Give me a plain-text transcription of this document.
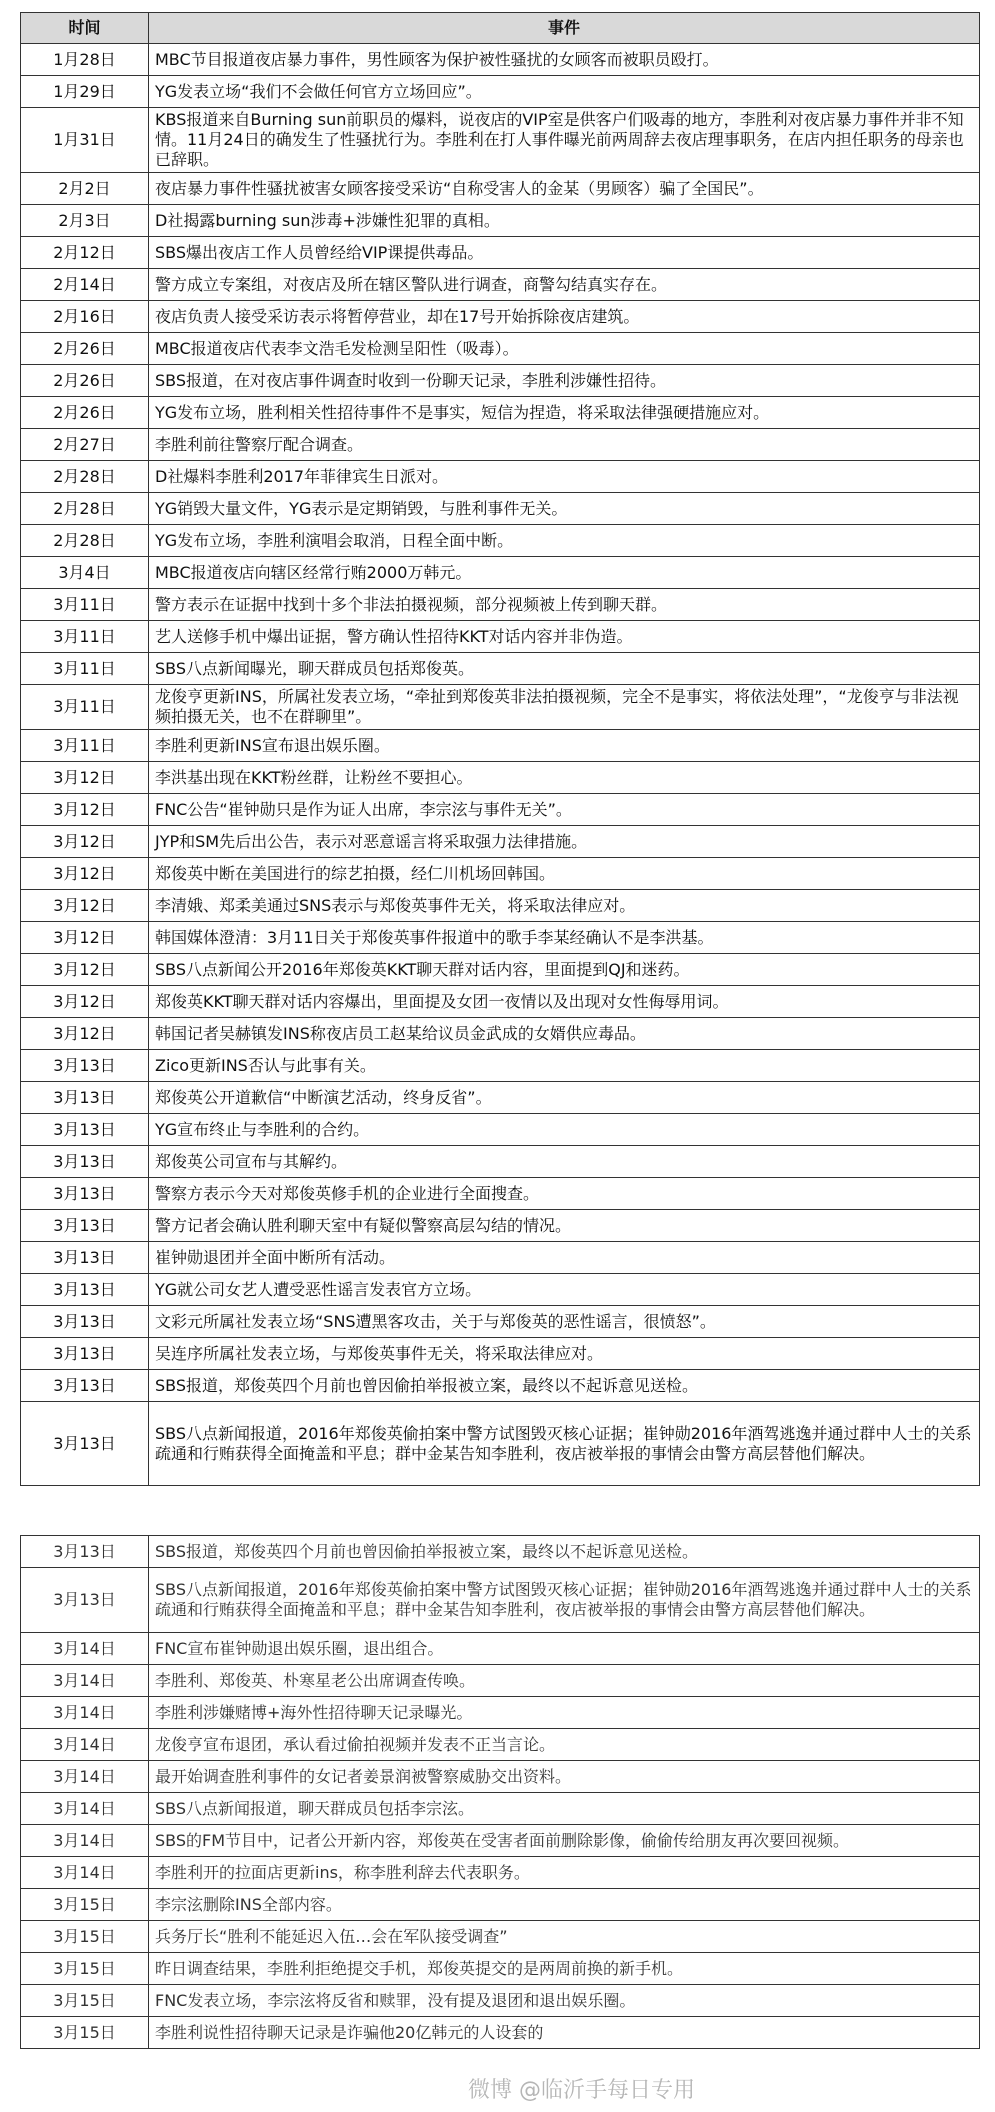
时间	事件
1月28日	MBC节目报道夜店暴力事件，男性顾客为保护被性骚扰的女顾客而被职员殴打。
1月29日	YG发表立场“我们不会做任何官方立场回应”。
1月31日	KBS报道来自Burning sun前职员的爆料，说夜店的VIP室是供客户们吸毒的地方，李胜利对夜店暴力事件并非不知情。11月24日的确发生了性骚扰行为。李胜利在打人事件曝光前两周辞去夜店理事职务，在店内担任职务的母亲也已辞职。
2月2日	夜店暴力事件性骚扰被害女顾客接受采访“自称受害人的金某（男顾客）骗了全国民”。
2月3日	D社揭露burning sun涉毒+涉嫌性犯罪的真相。
2月12日	SBS爆出夜店工作人员曾经给VIP课提供毒品。
2月14日	警方成立专案组，对夜店及所在辖区警队进行调查，商警勾结真实存在。
2月16日	夜店负责人接受采访表示将暂停营业，却在17号开始拆除夜店建筑。
2月26日	MBC报道夜店代表李文浩毛发检测呈阳性（吸毒）。
2月26日	SBS报道，在对夜店事件调查时收到一份聊天记录，李胜利涉嫌性招待。
2月26日	YG发布立场，胜利相关性招待事件不是事实，短信为捏造，将采取法律强硬措施应对。
2月27日	李胜利前往警察厅配合调查。
2月28日	D社爆料李胜利2017年菲律宾生日派对。
2月28日	YG销毁大量文件，YG表示是定期销毁，与胜利事件无关。
2月28日	YG发布立场，李胜利演唱会取消，日程全面中断。
3月4日	MBC报道夜店向辖区经常行贿2000万韩元。
3月11日	警方表示在证据中找到十多个非法拍摄视频，部分视频被上传到聊天群。
3月11日	艺人送修手机中爆出证据，警方确认性招待KKT对话内容并非伪造。
3月11日	SBS八点新闻曝光，聊天群成员包括郑俊英。
3月11日	龙俊亨更新INS，所属社发表立场，“牵扯到郑俊英非法拍摄视频，完全不是事实，将依法处理”，“龙俊亨与非法视频拍摄无关，也不在群聊里”。
3月11日	李胜利更新INS宣布退出娱乐圈。
3月12日	李洪基出现在KKT粉丝群，让粉丝不要担心。
3月12日	FNC公告“崔钟勋只是作为证人出席，李宗泫与事件无关”。
3月12日	JYP和SM先后出公告，表示对恶意谣言将采取强力法律措施。
3月12日	郑俊英中断在美国进行的综艺拍摄，经仁川机场回韩国。
3月12日	李清娥、郑柔美通过SNS表示与郑俊英事件无关，将采取法律应对。
3月12日	韩国媒体澄清：3月11日关于郑俊英事件报道中的歌手李某经确认不是李洪基。
3月12日	SBS八点新闻公开2016年郑俊英KKT聊天群对话内容，里面提到QJ和迷药。
3月12日	郑俊英KKT聊天群对话内容爆出，里面提及女团一夜情以及出现对女性侮辱用词。
3月12日	韩国记者吴赫镇发INS称夜店员工赵某给议员金武成的女婿供应毒品。
3月13日	Zico更新INS否认与此事有关。
3月13日	郑俊英公开道歉信“中断演艺活动，终身反省”。
3月13日	YG宣布终止与李胜利的合约。
3月13日	郑俊英公司宣布与其解约。
3月13日	警察方表示今天对郑俊英修手机的企业进行全面搜查。
3月13日	警方记者会确认胜利聊天室中有疑似警察高层勾结的情况。
3月13日	崔钟勋退团并全面中断所有活动。
3月13日	YG就公司女艺人遭受恶性谣言发表官方立场。
3月13日	文彩元所属社发表立场“SNS遭黑客攻击，关于与郑俊英的恶性谣言，很愤怒”。
3月13日	吴连序所属社发表立场，与郑俊英事件无关，将采取法律应对。
3月13日	SBS报道，郑俊英四个月前也曾因偷拍举报被立案，最终以不起诉意见送检。
3月13日	SBS八点新闻报道，2016年郑俊英偷拍案中警方试图毁灭核心证据；崔钟勋2016年酒驾逃逸并通过群中人士的关系疏通和行贿获得全面掩盖和平息；群中金某告知李胜利，夜店被举报的事情会由警方高层替他们解决。
3月13日	SBS报道，郑俊英四个月前也曾因偷拍举报被立案，最终以不起诉意见送检。
3月13日	SBS八点新闻报道，2016年郑俊英偷拍案中警方试图毁灭核心证据；崔钟勋2016年酒驾逃逸并通过群中人士的关系疏通和行贿获得全面掩盖和平息；群中金某告知李胜利，夜店被举报的事情会由警方高层替他们解决。
3月14日	FNC宣布崔钟勋退出娱乐圈，退出组合。
3月14日	李胜利、郑俊英、朴寒星老公出席调查传唤。
3月14日	李胜利涉嫌赌博+海外性招待聊天记录曝光。
3月14日	龙俊亨宣布退团，承认看过偷拍视频并发表不正当言论。
3月14日	最开始调查胜利事件的女记者姜景润被警察威胁交出资料。
3月14日	SBS八点新闻报道，聊天群成员包括李宗泫。
3月14日	SBS的FM节目中，记者公开新内容，郑俊英在受害者面前删除影像，偷偷传给朋友再次要回视频。
3月14日	李胜利开的拉面店更新ins，称李胜利辞去代表职务。
3月15日	李宗泫删除INS全部内容。
3月15日	兵务厅长“胜利不能延迟入伍…会在军队接受调查”
3月15日	昨日调查结果，李胜利拒绝提交手机，郑俊英提交的是两周前换的新手机。
3月15日	FNC发表立场，李宗泫将反省和赎罪，没有提及退团和退出娱乐圈。
3月15日	李胜利说性招待聊天记录是诈骗他20亿韩元的人设套的
微博 @临沂手每日专用
